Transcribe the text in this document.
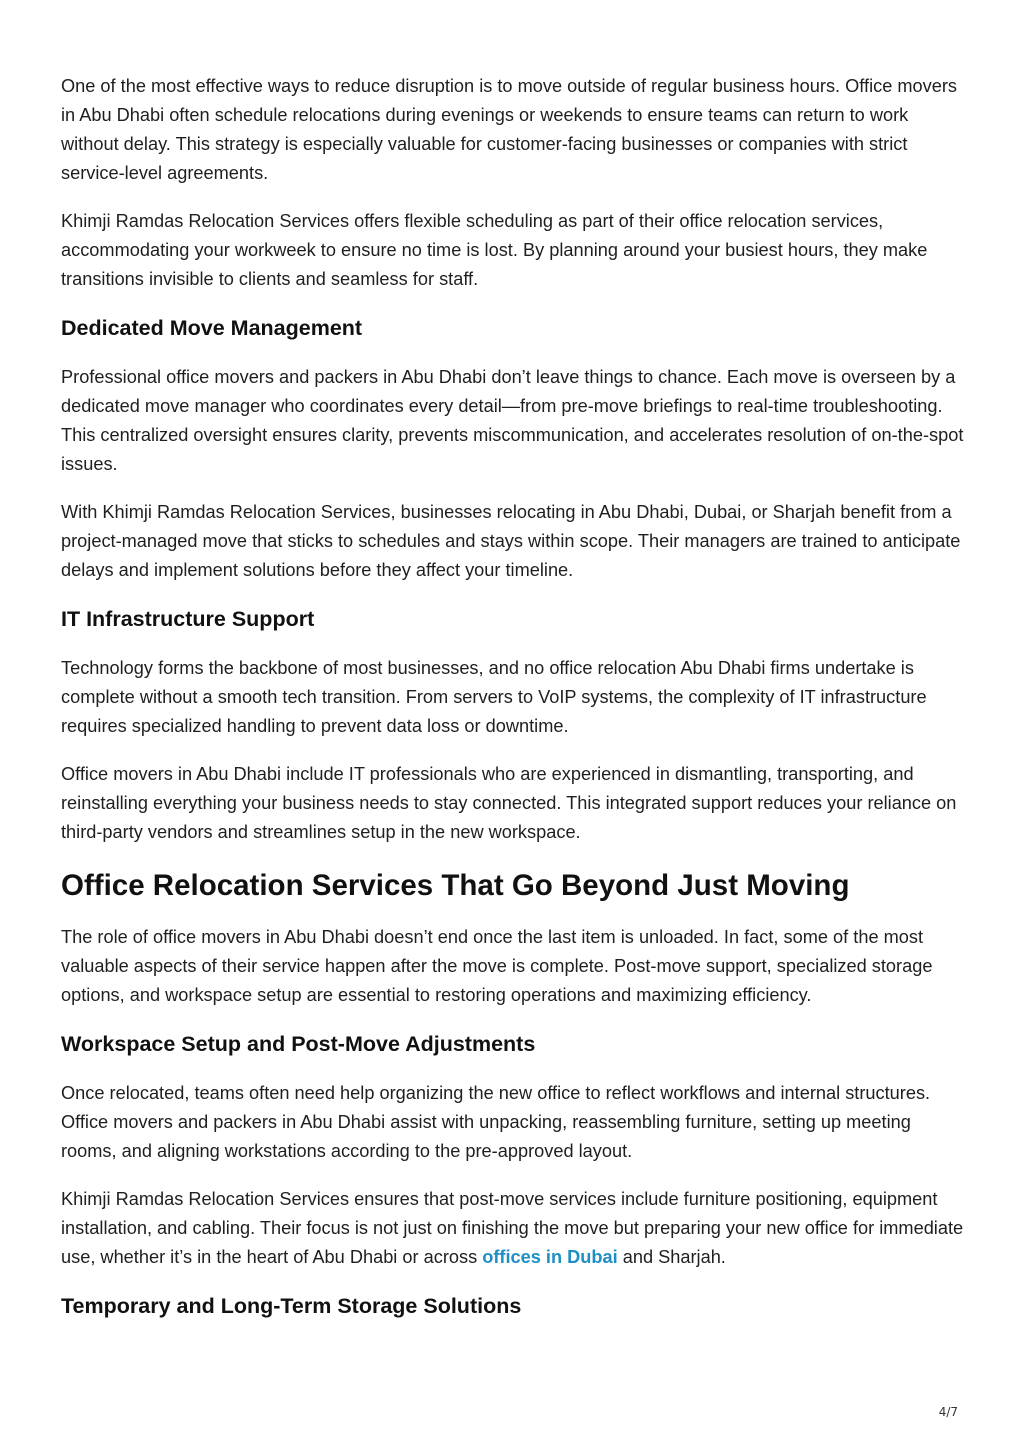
One of the most effective ways to reduce disruption is to move outside of regular business hours. Office movers in Abu Dhabi often schedule relocations during evenings or weekends to ensure teams can return to work without delay. This strategy is especially valuable for customer-facing businesses or companies with strict service-level agreements.

Khimji Ramdas Relocation Services offers flexible scheduling as part of their office relocation services, accommodating your workweek to ensure no time is lost. By planning around your busiest hours, they make transitions invisible to clients and seamless for staff.

Dedicated Move Management

Professional office movers and packers in Abu Dhabi don’t leave things to chance. Each move is overseen by a dedicated move manager who coordinates every detail—from pre-move briefings to real-time troubleshooting. This centralized oversight ensures clarity, prevents miscommunication, and accelerates resolution of on-the-spot issues.

With Khimji Ramdas Relocation Services, businesses relocating in Abu Dhabi, Dubai, or Sharjah benefit from a project-managed move that sticks to schedules and stays within scope. Their managers are trained to anticipate delays and implement solutions before they affect your timeline.

IT Infrastructure Support

Technology forms the backbone of most businesses, and no office relocation Abu Dhabi firms undertake is complete without a smooth tech transition. From servers to VoIP systems, the complexity of IT infrastructure requires specialized handling to prevent data loss or downtime.

Office movers in Abu Dhabi include IT professionals who are experienced in dismantling, transporting, and reinstalling everything your business needs to stay connected. This integrated support reduces your reliance on third-party vendors and streamlines setup in the new workspace.

Office Relocation Services That Go Beyond Just Moving

The role of office movers in Abu Dhabi doesn’t end once the last item is unloaded. In fact, some of the most valuable aspects of their service happen after the move is complete. Post-move support, specialized storage options, and workspace setup are essential to restoring operations and maximizing efficiency.

Workspace Setup and Post-Move Adjustments

Once relocated, teams often need help organizing the new office to reflect workflows and internal structures. Office movers and packers in Abu Dhabi assist with unpacking, reassembling furniture, setting up meeting rooms, and aligning workstations according to the pre-approved layout.

Khimji Ramdas Relocation Services ensures that post-move services include furniture positioning, equipment installation, and cabling. Their focus is not just on finishing the move but preparing your new office for immediate use, whether it’s in the heart of Abu Dhabi or across offices in Dubai and Sharjah.

Temporary and Long-Term Storage Solutions
4/7
